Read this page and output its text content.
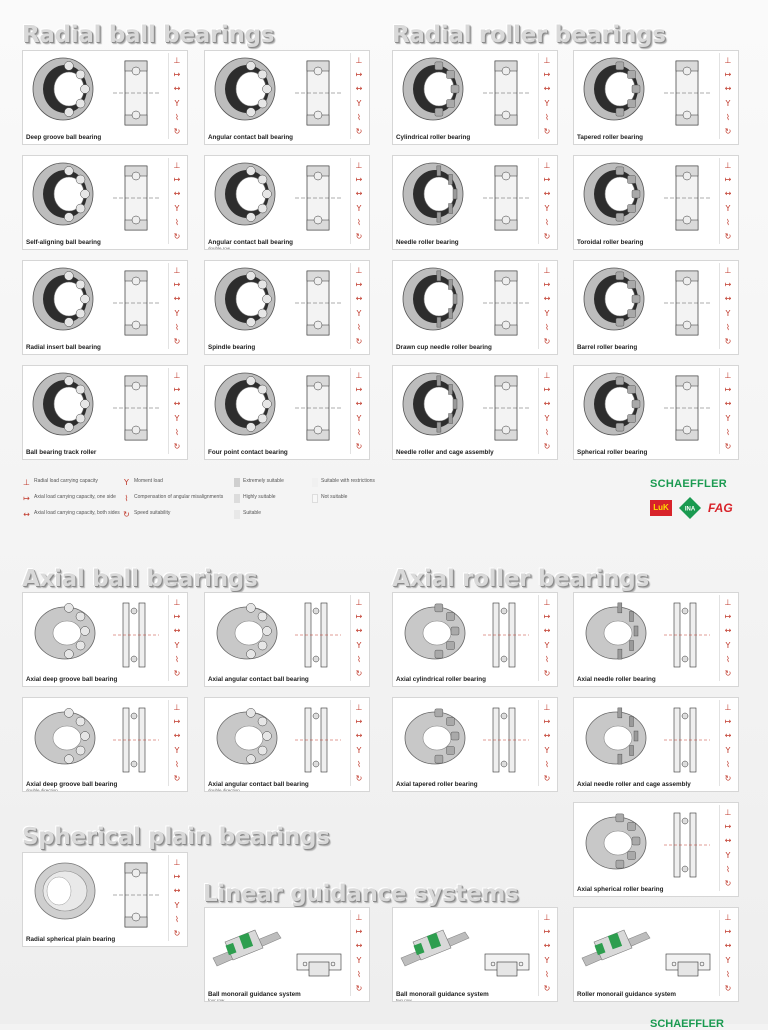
Radial ball bearings	Radial roller bearings
Axial ball bearings	Axial roller bearings
Spherical plain bearings
Linear guidance systems
⊥
↦
↔
Y
⌇
↻
Deep groove ball bearing
⊥
↦
↔
Y
⌇
↻
Angular contact ball bearing
⊥
↦
↔
Y
⌇
↻
Cylindrical roller bearing
⊥
↦
↔
Y
⌇
↻
Tapered roller bearing
⊥
↦
↔
Y
⌇
↻
Self-aligning ball bearing
⊥
↦
↔
Y
⌇
↻
Angular contact ball bearing
double row
⊥
↦
↔
Y
⌇
↻
Needle roller bearing
⊥
↦
↔
Y
⌇
↻
Toroidal roller bearing
⊥
↦
↔
Y
⌇
↻
Radial insert ball bearing
⊥
↦
↔
Y
⌇
↻
Spindle bearing
⊥
↦
↔
Y
⌇
↻
Drawn cup needle roller bearing
⊥
↦
↔
Y
⌇
↻
Barrel roller bearing
⊥
↦
↔
Y
⌇
↻
Ball bearing track roller
⊥
↦
↔
Y
⌇
↻
Four point contact bearing
⊥
↦
↔
Y
⌇
↻
Needle roller and cage assembly
⊥
↦
↔
Y
⌇
↻
Spherical roller bearing
⊥
↦
↔
Y
⌇
↻
Axial deep groove ball bearing
⊥
↦
↔
Y
⌇
↻
Axial angular contact ball bearing
⊥
↦
↔
Y
⌇
↻
Axial cylindrical roller bearing
⊥
↦
↔
Y
⌇
↻
Axial needle roller bearing
⊥
↦
↔
Y
⌇
↻
Axial deep groove ball bearing
double direction
⊥
↦
↔
Y
⌇
↻
Axial angular contact ball bearing
double direction
⊥
↦
↔
Y
⌇
↻
Axial tapered roller bearing
⊥
↦
↔
Y
⌇
↻
Axial needle roller and cage assembly
⊥
↦
↔
Y
⌇
↻
Axial spherical roller bearing
⊥
↦
↔
Y
⌇
↻
Radial spherical plain bearing
⊥
↦
↔
Y
⌇
↻
Ball monorail guidance system
four row
⊥
↦
↔
Y
⌇
↻
Ball monorail guidance system
two row
⊥
↦
↔
Y
⌇
↻
Roller monorail guidance system
⊥ Radial load carrying capacity
↦ Axial load carrying capacity, one side
↔ Axial load carrying capacity, both sides
Y	Moment load
⌇	Compensation of angular misalignments
↻ Speed suitability
Extremely suitable
Highly suitable
Suitable
Suitable with restrictions
Not suitable
SCHAEFFLER
LuK	INA FAG
SCHAEFFLER
